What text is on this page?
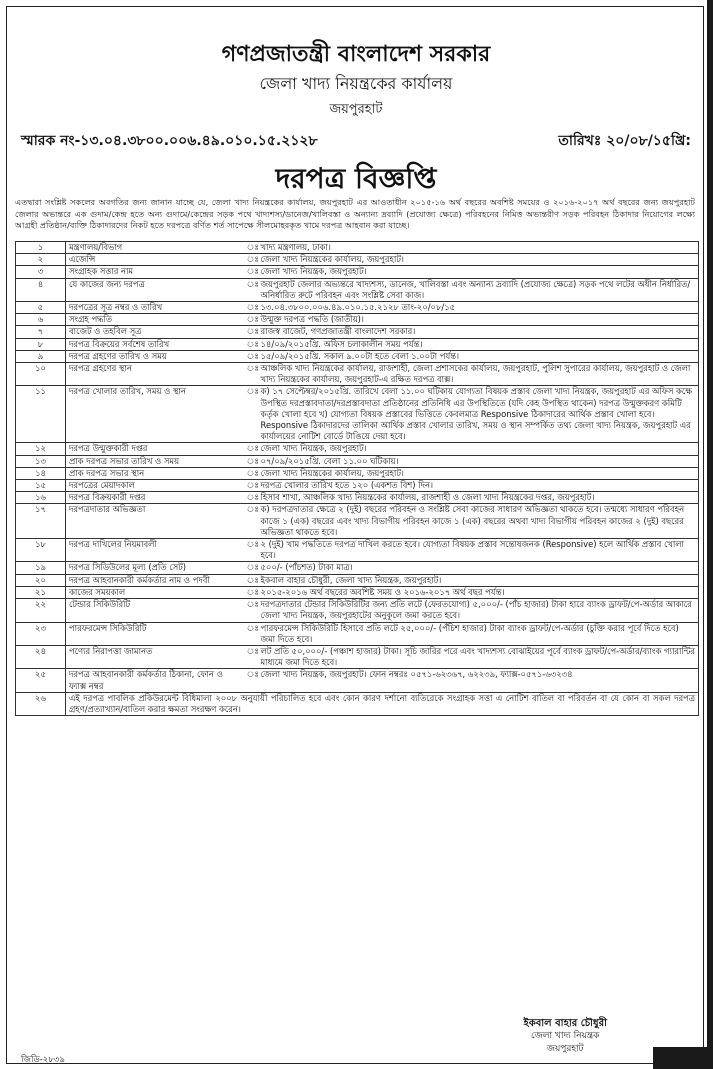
গণপ্রজাতন্ত্রী বাংলাদেশ সরকার
জেলা খাদ্য নিয়ন্ত্রকের কার্যালয়
জয়পুরহাট
স্মারক নং-১৩.০৪.৩৮০০.০০৬.৪৯.০১০.১৫.২১২৮	তারিখঃ ২০/০৮/১৫খ্রি:
দরপত্র বিজ্ঞপ্তি
এতদ্বারা সংশ্লিষ্ট সকলের অবগতির জন্য জানান যাচ্ছে যে, জেলা খাদ্য নিয়ন্ত্রকের কার্যালয়, জয়পুরহাট এর আওতাধীন ২০১৫-১৬ অর্থ বছরের অবশিষ্ট সময়ের ও ২০১৬-২০১৭ অর্থ বছরের জন্য জয়পুরহাট জেলার অভ্যন্তরে এক গুদাম/কেন্দ্র হতে অন্য গুদামে/কেন্দ্রের সড়ক পথে খাদ্যশস্য/ডানেজ/খালিবস্তা ও অন্যান্য দ্রব্যাদি (প্রযোজ্য ক্ষেত্রে) পরিবহনের নিমিত্ত অভ্যন্তরীণ সড়ক পরিবহন ঠিকাদার নিয়োগের লক্ষ্যে আগ্রহী প্রতিষ্ঠান/ব্যক্তি ঠিকাদারদের নিকট হতে দরপত্রে বর্ণিত শর্ত সাপেক্ষে সীলমোহরকৃত খামে দরপত্র আহবান করা যাচ্ছে।
১	মন্ত্রণালয়/বিভাগ	ঃ	খাদ্য মন্ত্রণালয়, ঢাকা।
২	এজেন্সি	ঃ	জেলা খাদ্য নিয়ন্ত্রকের কার্যালয়, জয়পুরহাট।
৩	সংগ্রাহক সত্তার নাম	ঃ	জেলা খাদ্য নিয়ন্ত্রক, জয়পুরহাট।
৪	যে কাজের জন্য দরপত্র	ঃ	জয়পুরহাট জেলার অভ্যন্তরে খাদ্যশস্য, ডানেজ, খালিবস্তা এবং অন্যান্য দ্রব্যাদি (প্রযোজ্য ক্ষেত্রে) সড়ক পথে লটের অধীন নির্ধারিত/অনির্ধারিত রুটে পরিবহন এবং সংশ্লিষ্ট সেবা কাজ।
৫	দরপত্রের সূত্র নম্বর ও তারিখ	ঃ	১৩.০৪.৩৮০০.০০৬.৪৯.০১০.১৫.২১২৮ তাং-২০/০৮/১৫
৬	সংগ্রহ পদ্ধতি	ঃ	উন্মুক্ত দরপত্র পদ্ধতি (জাতীয়)।
৭	বাজেট ও তহবিল সূত্র	ঃ	রাজস্ব বাজেট, গণপ্রজাতন্ত্রী বাংলাদেশ সরকার।
৮	দরপত্র বিক্রয়ের সর্বশেষ তারিখ	ঃ	১৪/০৯/২০১৫খ্রি. অফিস চলাকালীন সময় পর্যন্ত।
৯	দরপত্র গ্রহণের তারিখ ও সময়	ঃ	১৫/০৯/২০১৫খ্রি. সকাল ৯.০০টা হতে বেলা ১.০০টা পর্যন্ত।
১০	দরপত্র গ্রহণের স্থান	ঃ	আঞ্চলিক খাদ্য নিয়ন্ত্রকের কার্যালয়, রাজশাহী, জেলা প্রশাসকের কার্যালয়, জয়পুরহাট, পুলিশ সুপারের কার্যালয়, জয়পুরহাট ও জেলা খাদ্য নিয়ন্ত্রকের কার্যালয়, জয়পুরহাট-এ রক্ষিত দরপত্র বাক্স।
১১	দরপত্র খোলার তারিখ, সময় ও স্থান	ঃ	ক) ১৭ সেপ্টেম্বর/২০১৫খ্রি. তারিখে বেলা ১১.০০ ঘটিকায় যোগ্যতা বিষয়ক প্রস্তাব জেলা খাদ্য নিয়ন্ত্রক, জয়পুরহাট এর অফিস কক্ষে উপস্থিত দরপ্রস্তাবদাতা/দরপ্রস্তাবদাতা প্রতিষ্ঠানের প্রতিনিধি এর উপস্থিতিতে (যদি কেহ উপস্থিত থাকেন) দরপত্র উন্মুক্তকরণ কমিটি কর্তৃক খোলা হবে খ) যোগ্যতা বিষয়ক প্রস্তাবের ভিত্তিতে কেবলমাত্র Responsive ঠিকাদারের আর্থিক প্রস্তাব খোলা হবে। Responsive ঠিকাদারদের তালিকা আর্থিক প্রস্তাব খোলার তারিখ, সময় ও স্থান সম্পর্কিত তথ্য জেলা খাদ্য নিয়ন্ত্রক, জয়পুরহাট এর কার্যালয়ের নোটিশ বোর্ডে টাঙিয়ে দেয়া হবে।
১২	দরপত্র উন্মুক্তকারী দপ্তর	ঃ	জেলা খাদ্য নিয়ন্ত্রক, জয়পুরহাট।
১৩	প্রাক দরপত্র সভার তারিখ ও সময়	ঃ	০৭/০৯/২০১৫খ্রি. বেলা ১১.০০ ঘটিকায়।
১৪	প্রাক দরপত্র সভার স্থান	ঃ	জেলা খাদ্য নিয়ন্ত্রকের কার্যালয়, জয়পুরহাট।
১৫	দরপত্রের মেয়াদকাল	ঃ	দরপত্র খোলার তারিখ হতে ১২০ (একশত বিশ) দিন।
১৬	দরপত্র বিক্রয়কারী দপ্তর	ঃ	হিসাব শাখা, আঞ্চলিক খাদ্য নিয়ন্ত্রকের কার্যালয়, রাজশাহী ও জেলা খাদ্য নিয়ন্ত্রকের দপ্তর, জয়পুরহাট।
১৭	দরপত্রদাতার অভিজ্ঞতা	ঃ	ক) দরপত্রদাতার ক্ষেত্রে ২ (দুই) বছরের পরিবহন ও সংশ্লিষ্ট সেবা কাজের সাধারণ অভিজ্ঞতা থাকতে হবে। তন্মধ্যে সাধারণ পরিবহন কাজে ১ (এক) বছরের এবং খাদ্য বিভাগীয় পরিবহন কাজে ১ (এক) বছরের অথবা খাদ্য বিভাগীয় পরিবহন কাজের ২ (দুই) বছরের অভিজ্ঞতা থাকতে হবে।
১৮	দরপত্র দাখিলের নিয়মাবলী	ঃ	২ (দুই) খাম পদ্ধতিতে দরপত্র দাখিল করতে হবে। যোগ্যতা বিষয়ক প্রস্তাব সন্তোষজনক (Responsive) হলে আর্থিক প্রস্তাব খোলা হবে।
১৯	দরপত্র সিডিউলের মূল্য (প্রতি সেট)	ঃ	৫০০/- (পাঁচশত) টাকা মাত্র।
২০	দরপত্র আহবানকারী কর্মকর্তার নাম ও পদবী	ঃ	ইকবাল বাহার চৌধুরী, জেলা খাদ্য নিয়ন্ত্রক, জয়পুরহাট।
২১	কাজের সময়কাল	ঃ	২০১৫-২০১৬ অর্থ বছরের অবশিষ্ট সময় ও ২০১৬-২০১৭ অর্থ বছর পর্যন্ত।
২২	টেন্ডার সিকিউরিটি	ঃ	দরপত্রদাতার টেন্ডার সিকিউরিটির জন্য প্রতি লটে (ফেরতযোগ্য) ৫,০০০/- (পাঁচ হাজার) টাকা হারে ব্যাংক ড্রাফট/পে-অর্ডার আকারে জেলা খাদ্য নিয়ন্ত্রক, জয়পুরহাটের অনুকূলে জমা করতে হবে।
২৩	পারফরমেন্স সিকিউরিটি	ঃ	পারফরমেন্স সিকিউরিটি হিসাবে প্রতি লটে ২৫,০০০/- (পঁচিশ হাজার) টাকা ব্যাংক ড্রাফট/পে-অর্ডার (চুক্তি করার পূর্বে দিতে হবে) জমা দিতে হবে।
২৪	পণ্যের নিরাপত্তা জামানত	ঃ	লট প্রতি ৫০,০০০/- (পঞ্চাশ হাজার) টাকা। সূচি জারির পরে এবং খাদ্যশস্য বোঝাইয়ের পূর্বে ব্যাংক ড্রাফট/পে-অর্ডার/ব্যাংক গ্যারান্টির মাধ্যমে জমা দিতে হবে।
২৫	দরপত্র আহবানকারী কর্মকর্তার ঠিকানা, ফোন ও ফ্যাক্স নম্বর	ঃ	জেলা খাদ্য নিয়ন্ত্রক, জয়পুরহাট। ফোন নম্বরঃ ০৫৭১-৬২৩৬৭, ৬২২৩৯, ফ্যাক্স-০৫৭১-৬৩২৩৪
২৬	এই দরপত্র পাবলিক প্রকিউরমেন্ট বিধিমালা ২০০৮ অনুযায়ী পরিচালিত হবে এবং কোন কারণ দর্শানো ব্যতিরেকে সংগ্রাহক সত্তা এ নোটিশ বাতিল বা পরিবর্তন বা যে কোন বা সকল দরপত্র গ্রহণ/প্রত্যাখ্যান/বাতিল করার ক্ষমতা সংরক্ষণ করেন।		
ইকবাল বাহার চৌধুরী
জেলা খাদ্য নিয়ন্ত্রক
জয়পুরহাট
জিডি-২৮৩৯
